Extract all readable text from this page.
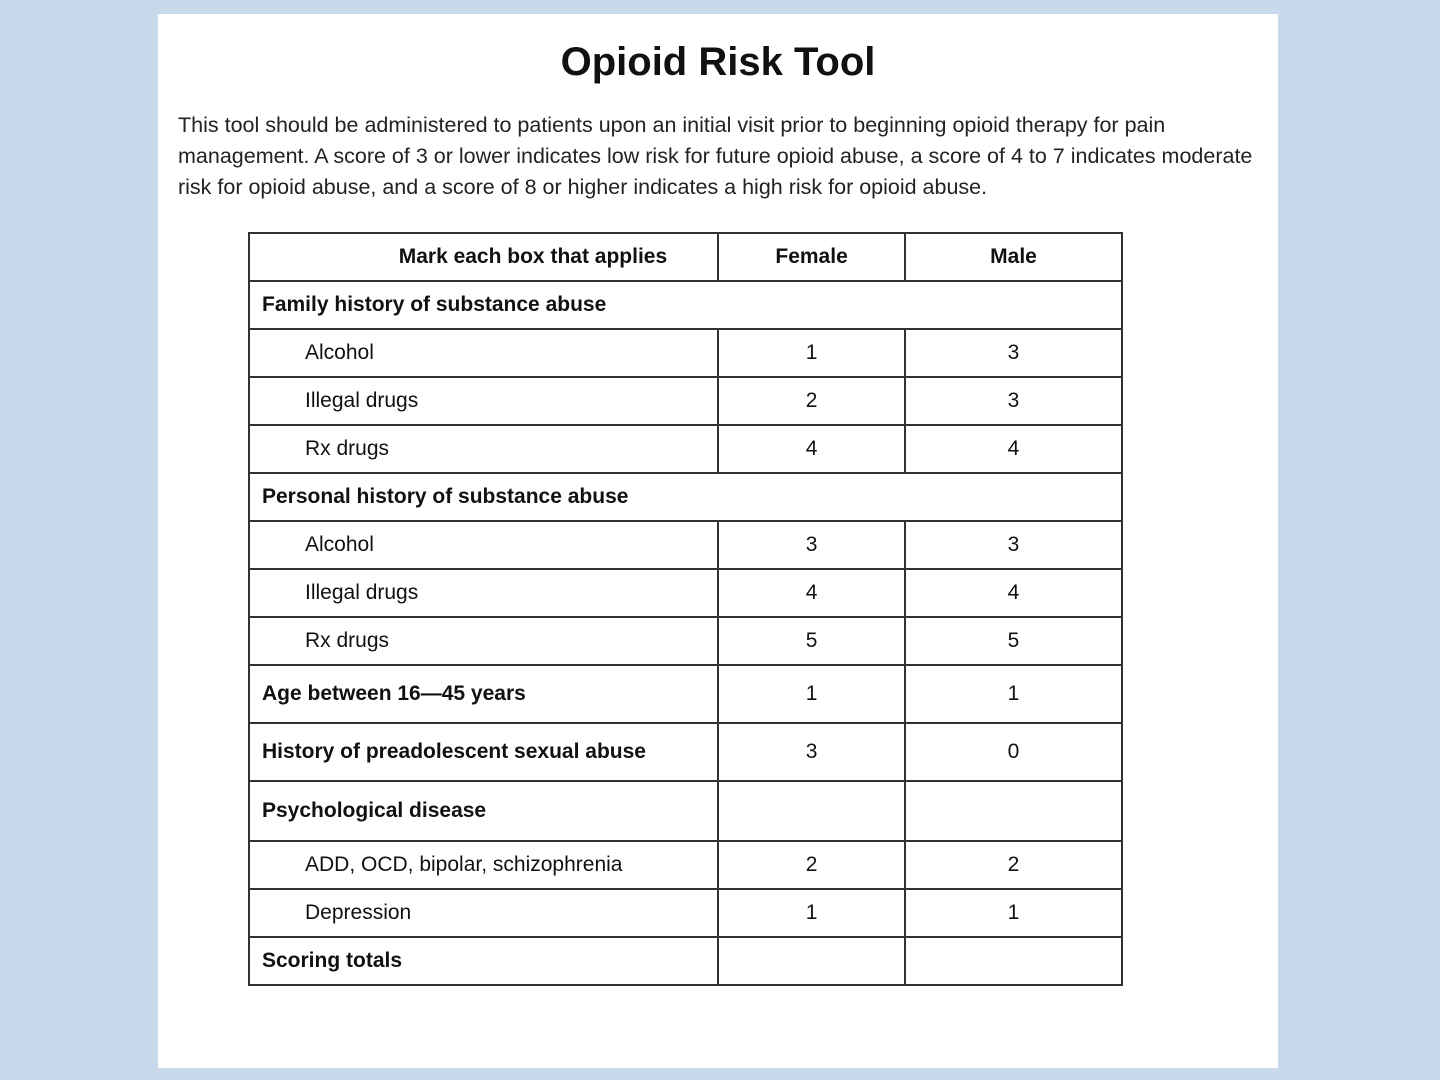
Opioid Risk Tool
This tool should be administered to patients upon an initial visit prior to beginning opioid therapy for pain management. A score of 3 or lower indicates low risk for future opioid abuse, a score of 4 to 7 indicates moderate risk for opioid abuse, and a score of 8 or higher indicates a high risk for opioid abuse.
Mark each box that applies	Female	Male
Family history of substance abuse		
Alcohol	1	3
Illegal drugs	2	3
Rx drugs	4	4
Personal history of substance abuse		
Alcohol	3	3
Illegal drugs	4	4
Rx drugs	5	5
Age between 16—45 years	1	1
History of preadolescent sexual abuse	3	0
Psychological disease		
ADD, OCD, bipolar, schizophrenia	2	2
Depression	1	1
Scoring totals		
